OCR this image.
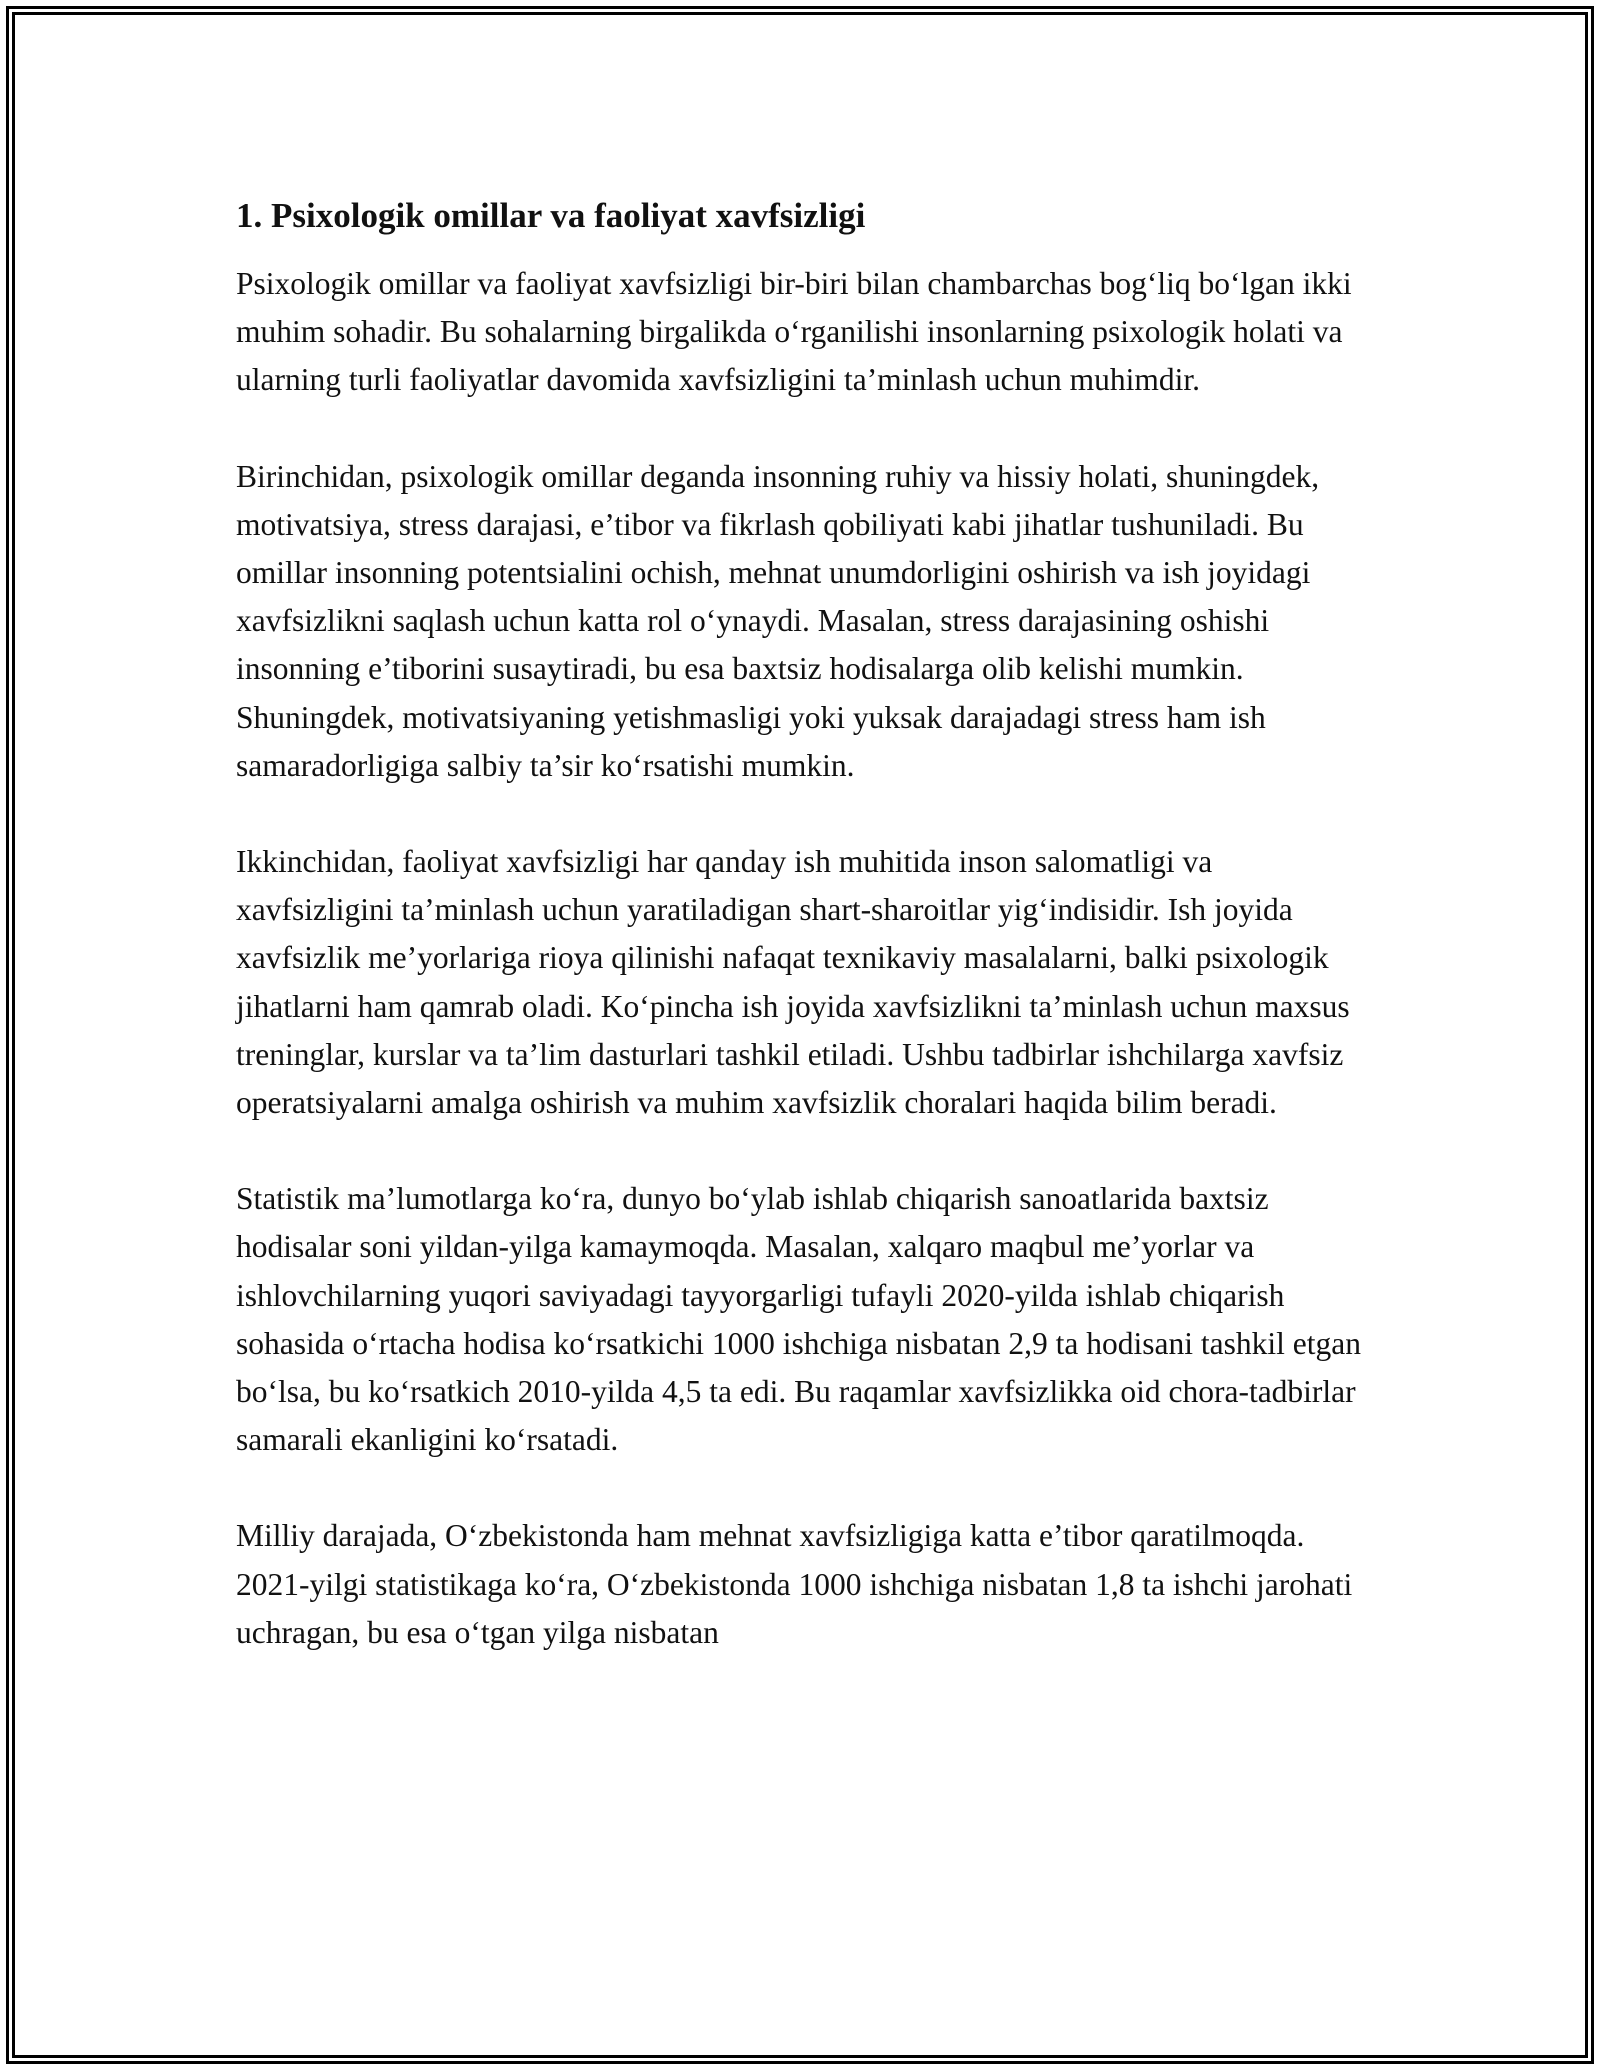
1. Psixologik omillar va faoliyat xavfsizligi

Psixologik omillar va faoliyat xavfsizligi bir-biri bilan chambarchas bog‘liq bo‘lgan ikki muhim sohadir. Bu sohalarning birgalikda o‘rganilishi insonlarning psixologik holati va ularning turli faoliyatlar davomida xavfsizligini ta’minlash uchun muhimdir.

Birinchidan, psixologik omillar deganda insonning ruhiy va hissiy holati, shuningdek, motivatsiya, stress darajasi, e’tibor va fikrlash qobiliyati kabi jihatlar tushuniladi. Bu omillar insonning potentsialini ochish, mehnat unumdorligini oshirish va ish joyidagi xavfsizlikni saqlash uchun katta rol o‘ynaydi. Masalan, stress darajasining oshishi insonning e’tiborini susaytiradi, bu esa baxtsiz hodisalarga olib kelishi mumkin. Shuningdek, motivatsiyaning yetishmasligi yoki yuksak darajadagi stress ham ish samaradorligiga salbiy ta’sir ko‘rsatishi mumkin.

Ikkinchidan, faoliyat xavfsizligi har qanday ish muhitida inson salomatligi va xavfsizligini ta’minlash uchun yaratiladigan shart-sharoitlar yig‘indisidir. Ish joyida xavfsizlik me’yorlariga rioya qilinishi nafaqat texnikaviy masalalarni, balki psixologik jihatlarni ham qamrab oladi. Ko‘pincha ish joyida xavfsizlikni ta’minlash uchun maxsus treninglar, kurslar va ta’lim dasturlari tashkil etiladi. Ushbu tadbirlar ishchilarga xavfsiz operatsiyalarni amalga oshirish va muhim xavfsizlik choralari haqida bilim beradi.

Statistik ma’lumotlarga ko‘ra, dunyo bo‘ylab ishlab chiqarish sanoatlarida baxtsiz hodisalar soni yildan-yilga kamaymoqda. Masalan, xalqaro maqbul me’yorlar va ishlovchilarning yuqori saviyadagi tayyorgarligi tufayli 2020-yilda ishlab chiqarish sohasida o‘rtacha hodisa ko‘rsatkichi 1000 ishchiga nisbatan 2,9 ta hodisani tashkil etgan bo‘lsa, bu ko‘rsatkich 2010-yilda 4,5 ta edi. Bu raqamlar xavfsizlikka oid chora-tadbirlar samarali ekanligini ko‘rsatadi.

Milliy darajada, O‘zbekistonda ham mehnat xavfsizligiga katta e’tibor qaratilmoqda. 2021-yilgi statistikaga ko‘ra, O‘zbekistonda 1000 ishchiga nisbatan 1,8 ta ishchi jarohati uchragan, bu esa o‘tgan yilga nisbatan
